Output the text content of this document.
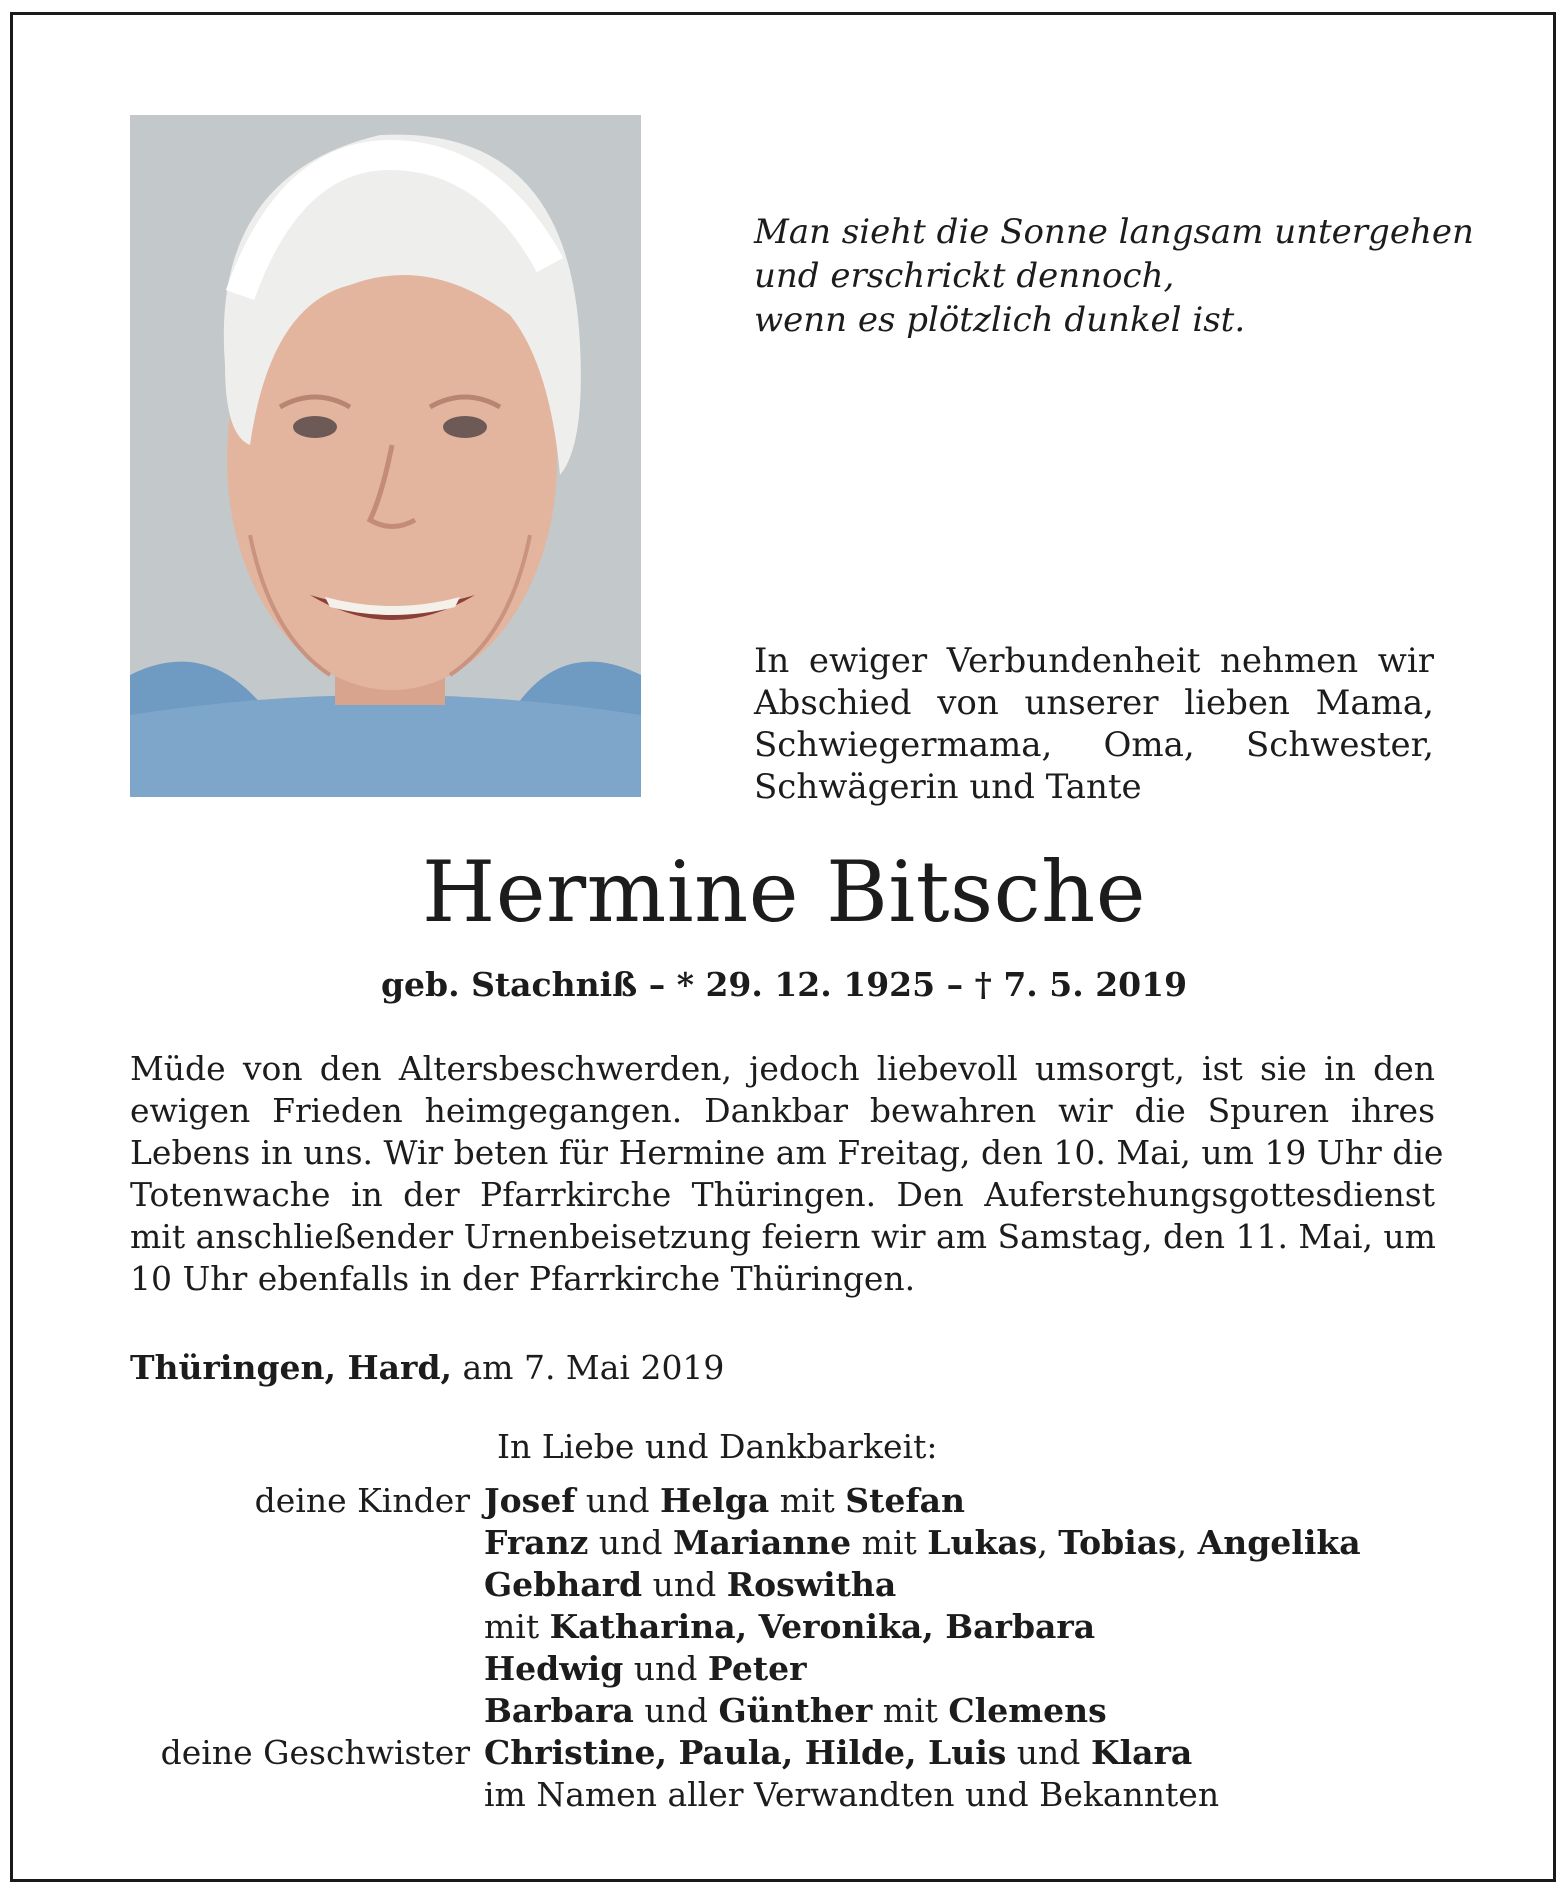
Man sieht die Sonne langsam untergehen
und erschrickt dennoch,
wenn es plötzlich dunkel ist.
In ewiger Verbundenheit nehmen wir
Abschied von unserer lieben Mama,
Schwiegermama, Oma, Schwester,
Schwägerin und Tante
Hermine Bitsche
geb. Stachniß – * 29. 12. 1925 – † 7. 5. 2019
Müde von den Altersbeschwerden, jedoch liebevoll umsorgt, ist sie in den
ewigen Frieden heimgegangen. Dankbar bewahren wir die Spuren ihres
Lebens in uns. Wir beten für Hermine am Freitag, den 10. Mai, um 19 Uhr die
Totenwache in der Pfarrkirche Thüringen. Den Auferstehungsgottesdienst
mit anschließender Urnenbeisetzung feiern wir am Samstag, den 11. Mai, um
10 Uhr ebenfalls in der Pfarrkirche Thüringen.
Thüringen, Hard, am 7. Mai 2019
In Liebe und Dankbarkeit:
deine Kinder Josef und Helga mit Stefan
Franz und Marianne mit Lukas, Tobias, Angelika
Gebhard und Roswitha
mit Katharina, Veronika, Barbara
Hedwig und Peter
Barbara und Günther mit Clemens
deine Geschwister Christine, Paula, Hilde, Luis und Klara
im Namen aller Verwandten und Bekannten
